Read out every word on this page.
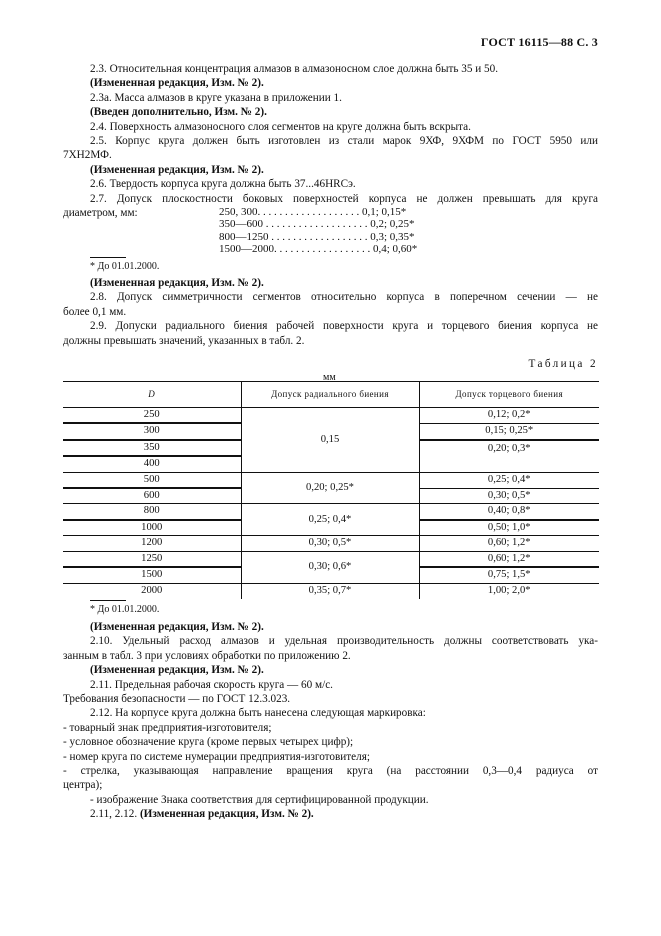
ГОСТ 16115—88 С. 3
2.3. Относительная концентрация алмазов в алмазоносном слое должна быть 35 и 50.
(Измененная редакция, Изм. № 2).
2.3а. Масса алмазов в круге указана в приложении 1.
(Введен дополнительно, Изм. № 2).
2.4. Поверхность алмазоносного слоя сегментов на круге должна быть вскрыта.
2.5. Корпус круга должен быть изготовлен из стали марок 9ХФ, 9ХФМ по ГОСТ 5950 или
7ХН2МФ.
(Измененная редакция, Изм. № 2).
2.6. Твердость корпуса круга должна быть 37...46HRCэ.
2.7. Допуск плоскостности боковых поверхностей корпуса не должен превышать для круга
диаметром, мм:	250, 300. . . . . . . . . . . . . . . . . . .
0,1; 0,15*
350—600 . . . . . . . . . . . . . . . . . . .
0,2; 0,25*
800—1250 . . . . . . . . . . . . . . . . . .
0,3; 0,35*
1500—2000. . . . . . . . . . . . . . . . . .
0,4; 0,60*
* До 01.01.2000.
(Измененная редакция, Изм. № 2).
2.8. Допуск симметричности сегментов относительно корпуса в поперечном сечении — не
более 0,1 мм.
2.9. Допуски радиального биения рабочей поверхности круга и торцевого биения корпуса не
должны превышать значений, указанных в табл. 2.
Таблица 2
мм
D	Допуск радиального биения	Допуск торцевого биения
250	0,15	0,12; 0,2*
300		0,15; 0,25*
350		0,20; 0,3*
400		
500	0,20; 0,25*	0,25; 0,4*
600		0,30; 0,5*
800	0,25; 0,4*	0,40; 0,8*
1000		0,50; 1,0*
1200	0,30; 0,5*	0,60; 1,2*
1250	0,30; 0,6*	0,60; 1,2*
1500		0,75; 1,5*
2000	0,35; 0,7*	1,00; 2,0*
* До 01.01.2000.
(Измененная редакция, Изм. № 2).
2.10. Удельный расход алмазов и удельная производительность должны соответствовать ука-
занным в табл. 3 при условиях обработки по приложению 2.
(Измененная редакция, Изм. № 2).
2.11. Предельная рабочая скорость круга — 60 м/с.
Требования безопасности — по ГОСТ 12.3.023.
2.12. На корпусе круга должна быть нанесена следующая маркировка:
- товарный знак предприятия-изготовителя;
- условное обозначение круга (кроме первых четырех цифр);
- номер круга по системе нумерации предприятия-изготовителя;
- стрелка, указывающая направление вращения круга (на расстоянии 0,3—0,4 радиуса от
центра);
- изображение Знака соответствия для сертифицированной продукции.
2.11, 2.12. (Измененная редакция, Изм. № 2).
